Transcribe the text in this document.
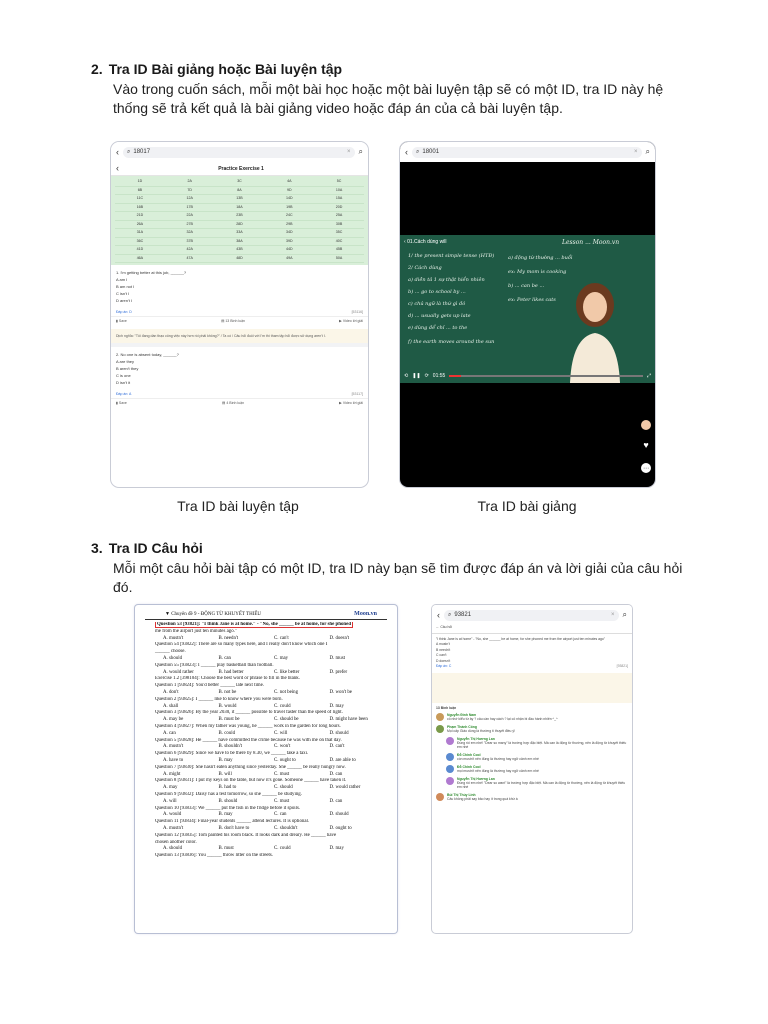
2. Tra ID Bài giảng hoặc Bài luyện tập
Vào trong cuốn sách, mỗi một bài học hoặc một bài luyện tập sẽ có một ID, tra ID này hệ thống sẽ trả kết quả là bài giảng video hoặc đáp án của cả bài luyện tập.
‹ ⌕ 18017	× ⌕
‹	Practice Exercise 1
1D	2A	3C	4A	5C
6B	7D	8A	9D	10A
11C	12A	13B	14D	15A
16B	17B	18A	19B	20D
21D	22A	23B	24C	25A
26A	27B	28D	29B	30B
31A	32A	33A	34D	35C
36C	37B	38A	39D	40C
41D	42A	43B	44D	45B
46A	47A	48D	49A	50A
1. I'm getting better at this job, ______?
A am I
B am not I
C isn't I
D aren't I
Đáp án: D	[53116]
▮ Save	▤ 13 Bình luận	▶ Video lời giải
Dịch nghĩa: "Tôi đang dần thạo công việc này hơn rồi phải không?" / Ta có / Câu hỏi đuôi với I'm thì tham tập hỏi được sử dụng aren't I.
2. No one is absent today, ______?
A are they
B aren't they
C is one
D isn't it
Đáp án: A	[53117]
▮ Save	▤ 4 Bình luận	▶ Video lời giải
‹ ⌕ 18001	× ⌕
‹ 01.Cách dùng will
1/ the present simple tense (HTĐ)
2/ Cách dùng
a) diễn tả 1 sự thật hiển nhiên
b) ... go to school by ...
c) chủ ngữ là thứ gì đó
d) ... usually gets up late
e) dùng để chỉ ... to the
f) the earth moves around the sun
a) động từ thường ... buổi
ex: My mom is cooking
b) ... can be ...
ex: Peter likes cats
Lesson ... Moon.vn
⟲ ❚❚ ⟳ 01:55	⤢
♥
⋯
Tra ID bài luyện tập	Tra ID bài giảng
3. Tra ID Câu hỏi
Mỗi một câu hỏi bài tập có một ID, tra ID này bạn sẽ tìm được đáp án và lời giải của câu hỏi đó.
▼ Chuyên đề 9 - ĐỘNG TỪ KHUYẾT THIẾU	Moon.vn
Question 53 [93821]: "I think Jane is at home." - "No, she ______ be at home, for she phoned
me from the airport just ten minutes ago."
A. mustn't	B. needn't	C. can't	D. doesn't
Question 54 [93822]: There are so many types here, and I really don't know which one I
______ choose.
A. should	B. can	C. may	D. must
Question 55 [93823]: I ______ play basketball than football.
A. would rather	B. had better	C. like better	D. prefer
Exercise 1.2 [398104]: Choose the best word or phrase to fill in the blank.
Question 1 [93824]: You'd better ______ late next time.
A. don't	B. not be	C. not being	D. won't be
Question 2 [93825]: I ______ like to know where you were born.
A. shall	B. would	C. could	D. may
Question 3 [93826]: By the year 2030, it ______ possible to travel faster than the speed of light.
A. may be	B. must be	C. should be	D. might have been
Question 4 [93827]: When my father was young, he ______ work in the garden for long hours.
A. can	B. could	C. will	D. should
Question 5 [93828]: He ______ have committed the crime because he was with me on that day.
A. mustn't	B. shouldn't	C. won't	D. can't
Question 6 [93829]: Since we have to be there by 8.30, we ______ take a taxi.
A. have to	B. may	C. ought to	D. are able to
Question 7 [93830]: She hasn't eaten anything since yesterday. She ______ be really hungry now.
A. might	B. will	C. must	D. can
Question 8 [93831]: I put my keys on the table, but now it's gone. Someone ______ have taken it.
A. may	B. had to	C. should	D. would rather
Question 9 [93832]: Daisy has a test tomorrow, so she ______ be studying.
A. will	B. should	C. must	D. can
Question 10 [93833]: We ______ put the fish in the fridge before it spoils.
A. would	B. may	C. can	D. should
Question 11 [93834]: Final-year students ______ attend lectures. It is optional.
A. mustn't	B. don't have to	C. shouldn't	D. ought to
Question 12 [93835]: Tom painted his room black. It looks dark and dreary. He ______ have
chosen another color.
A. should	B. must	C. could	D. may
Question 13 [93836]: You ______ throw litter on the streets.
‹ ⌕ 93821	× ⌕
← Câu hỏi
"I think Jane is at home" - "No, she ______ be at home, for she phoned me from the airport just ten minutes ago"
A mustn't
B needn't
C can't
D doesn't
Đáp án: C	[93821]
13 Bình luận
Nguyễn Đình Nam
cô nhớ kiểu từ ảy ? câu cần hay cách ? lại cô nhận bi đầu hành nhiên ^_^
Phạm Thành Công
Mọi cấp Giáo dùng là thường tí thuyết điều ý!
Nguyễn Thị Hương Lan
Đúng rồi em nhé! "Dear so many" là trường hợp đặc biệt. Mà can là động từ thường, nên là động từ khuyết thiếu em nhé
Đỗ Chinh Cool
còn mustn't nên đúng là thường hay ngữ cảnh em nhé
Đỗ Chinh Cool
mọi mustn't nên đúng là thường hay ngữ cảnh em nhé
Nguyễn Thị Hương Lan
Đúng rồi em nhé! "Dear so want" là trường hợp đặc biệt. Mà can là động từ thường, nên là động từ khuyết thiếu em nhé
Bùi Thị Thúy Linh
Cảu không phải say bảo hay ít trong quá khứ à
